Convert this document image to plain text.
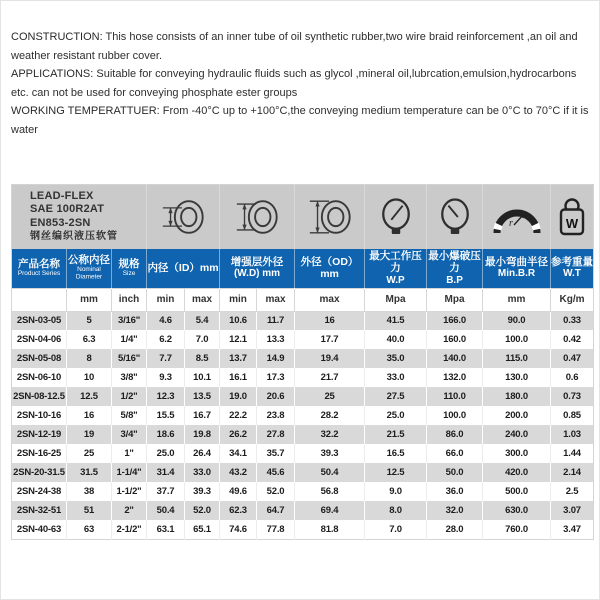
CONSTRUCTION: This hose consists of an inner tube of oil synthetic rubber,two wire braid reinforcement ,an oil and weather resistant rubber cover.

APPLICATIONS: Suitable for conveying hydraulic fluids such as glycol ,mineral oil,lubrcation,emulsion,hydrocarbons etc. can not be used for conveying phosphate ester groups

WORKING TEMPERATTUER: From -40°C up to +100°C,the conveying medium temperature can be 0°C to 70°C if it is water

LEAD-FLEX
SAE 100R2AT
EN853-2SN
钢丝编织液压软管										r	W

产品名称
Product Series

公称内径
Nominal Diameter

规格
Size

内径（ID）mm	增强层外径
(W.D) mm

外径（OD）mm

最大工作压力
W.P

最小爆破压力
B.P

最小弯曲半径
Min.B.R

参考重量
W.T

	mm	inch	min	max	min	max	max	Mpa	Mpa	mm	Kg/m
2SN-03-05	5	3/16"	4.6	5.4	10.6	11.7	16	41.5	166.0	90.0	0.33
2SN-04-06	6.3	1/4"	6.2	7.0	12.1	13.3	17.7	40.0	160.0	100.0	0.42
2SN-05-08	8	5/16"	7.7	8.5	13.7	14.9	19.4	35.0	140.0	115.0	0.47
2SN-06-10	10	3/8"	9.3	10.1	16.1	17.3	21.7	33.0	132.0	130.0	0.6
2SN-08-12.5	12.5	1/2"	12.3	13.5	19.0	20.6	25	27.5	110.0	180.0	0.73
2SN-10-16	16	5/8"	15.5	16.7	22.2	23.8	28.2	25.0	100.0	200.0	0.85
2SN-12-19	19	3/4"	18.6	19.8	26.2	27.8	32.2	21.5	86.0	240.0	1.03
2SN-16-25	25	1"	25.0	26.4	34.1	35.7	39.3	16.5	66.0	300.0	1.44
2SN-20-31.5	31.5	1-1/4"	31.4	33.0	43.2	45.6	50.4	12.5	50.0	420.0	2.14
2SN-24-38	38	1-1/2"	37.7	39.3	49.6	52.0	56.8	9.0	36.0	500.0	2.5
2SN-32-51	51	2"	50.4	52.0	62.3	64.7	69.4	8.0	32.0	630.0	3.07
2SN-40-63	63	2-1/2"	63.1	65.1	74.6	77.8	81.8	7.0	28.0	760.0	3.47
